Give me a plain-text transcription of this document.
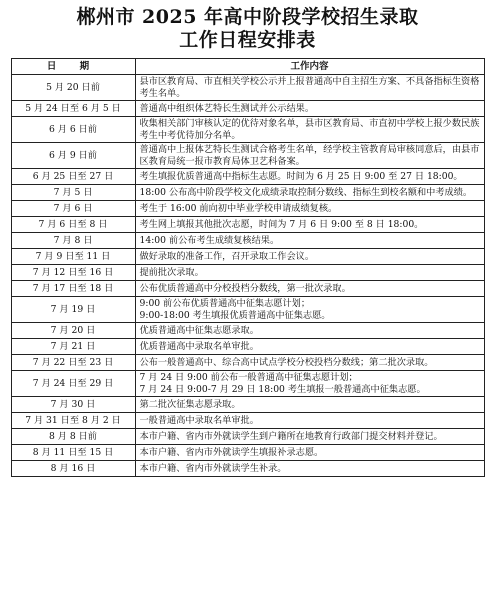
郴州市 2025 年高中阶段学校招生录取
工作日程安排表
日 期	工作内容
5 月 20 日前	县市区教育局、市直相关学校公示并上报普通高中自主招生方案、不具备指标生资格考生名单。
5 月 24 日至 6 月 5 日	普通高中组织体艺特长生测试并公示结果。
6 月 6 日前	收集相关部门审核认定的优待对象名单，县市区教育局、市直初中学校上报少数民族考生中考优待加分名单。
6 月 9 日前	普通高中上报体艺特长生测试合格考生名单，经学校主管教育局审核同意后，由县市区教育局统一报市教育局体卫艺科备案。
6 月 25 日至 27 日	考生填报优质普通高中指标生志愿。时间为 6 月 25 日 9:00 至 27 日 18:00。
7 月 5 日	18:00 公布高中阶段学校文化成绩录取控制分数线、指标生到校名额和中考成绩。
7 月 6 日	考生于 16:00 前向初中毕业学校申请成绩复核。
7 月 6 日至 8 日	考生网上填报其他批次志愿，时间为 7 月 6 日 9:00 至 8 日 18:00。
7 月 8 日	14:00 前公布考生成绩复核结果。
7 月 9 日至 11 日	做好录取的准备工作，召开录取工作会议。
7 月 12 日至 16 日	提前批次录取。
7 月 17 日至 18 日	公布优质普通高中分校投档分数线，第一批次录取。
7 月 19 日	9:00 前公布优质普通高中征集志愿计划；
9:00-18:00 考生填报优质普通高中征集志愿。
7 月 20 日	优质普通高中征集志愿录取。
7 月 21 日	优质普通高中录取名单审批。
7 月 22 日至 23 日	公布一般普通高中、综合高中试点学校分校投档分数线；第二批次录取。
7 月 24 日至 29 日	7 月 24 日 9:00 前公布一般普通高中征集志愿计划；
7 月 24 日 9:00-7 月 29 日 18:00 考生填报一般普通高中征集志愿。
7 月 30 日	第二批次征集志愿录取。
7 月 31 日至 8 月 2 日	一般普通高中录取名单审批。
8 月 8 日前	本市户籍、省内市外就读学生到户籍所在地教育行政部门提交材料并登记。
8 月 11 日至 15 日	本市户籍、省内市外就读学生填报补录志愿。
8 月 16 日	本市户籍、省内市外就读学生补录。
